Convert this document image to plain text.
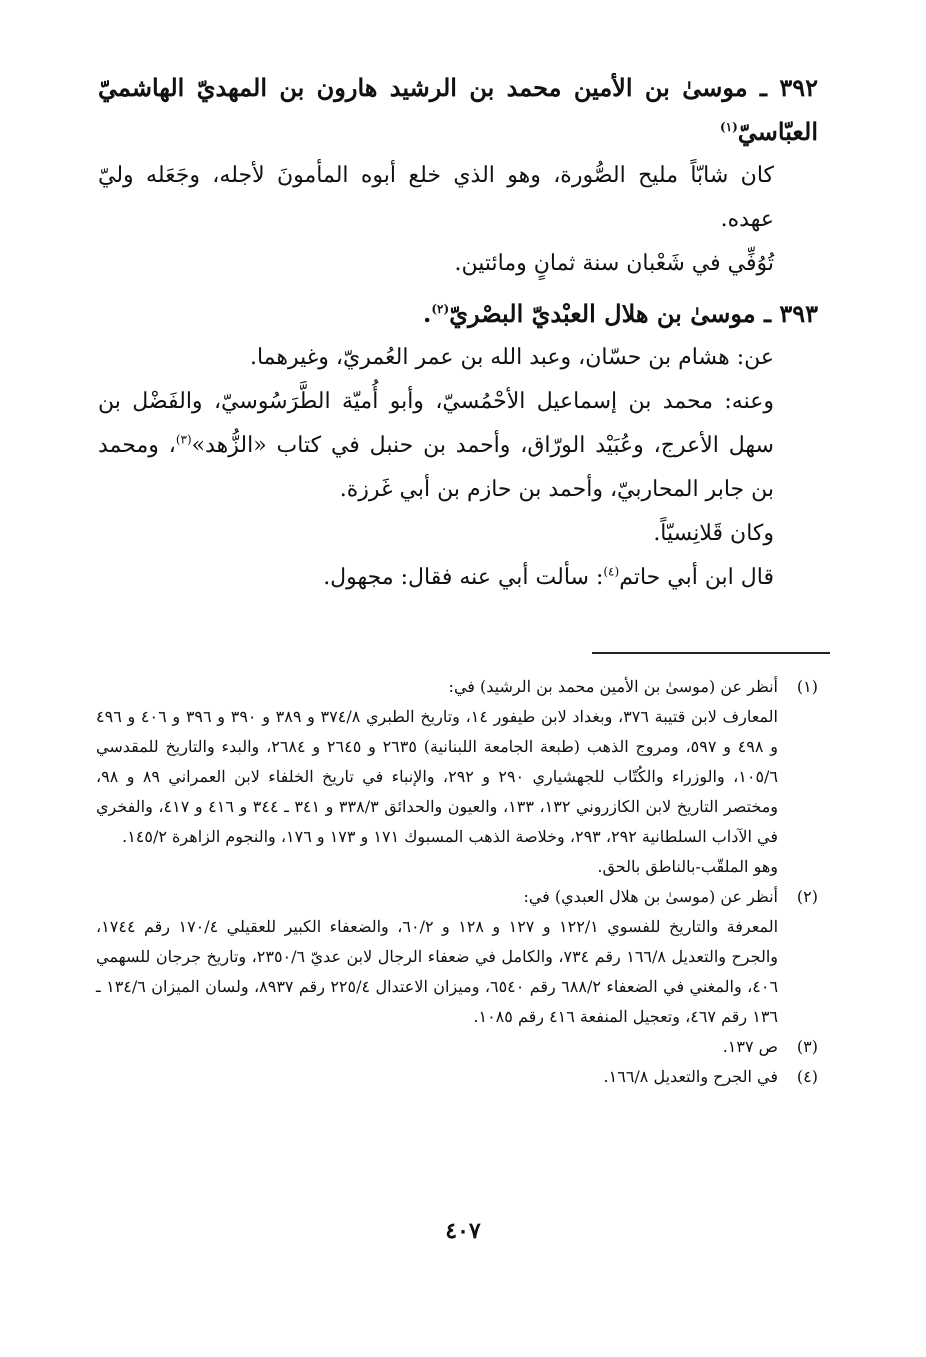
٣٩٢ ـ موسىٰ بن الأمين محمد بن الرشيد هارون بن المهديّ الهاشميّ العبّاسيّ$^{(١)}$

كان شابّاً مليح الصُّورة، وهو الذي خلع أبوه المأمونَ لأجله، وجَعَله وليّ عهده.

تُوُفِّي في شَعْبان سنة ثمانٍ ومائتين.

٣٩٣ ـ موسىٰ بن هلال العبْديّ البصْريّ$^{(٢)}$.

عن: هشام بن حسّان، وعبد الله بن عمر العُمريّ، وغيرهما.

وعنه: محمد بن إسماعيل الأحْمُسيّ، وأبو أُميّة الطَّرَسُوسيّ، والفَضْل بن سهل الأعرج، وعُبَيْد الورّاق، وأحمد بن حنبل في كتاب «الزُّهد»$^{(٣)}$، ومحمد بن جابر المحاربيّ، وأحمد بن حازم بن أبي غَرزة.

وكان قَلانِسيّاً.

قال ابن أبي حاتم$^{(٤)}$: سألت أبي عنه فقال: مجهول.

(١)
أنظر عن (موسىٰ بن الأمين محمد بن الرشيد) في:
المعارف لابن قتيبة ٣٧٦، وبغداد لابن طيفور ١٤، وتاريخ الطبري ٣٧٤/٨ و ٣٨٩ و ٣٩٠ و ٣٩٦ و ٤٠٦ و ٤٩٦ و ٤٩٨ و ٥٩٧، ومروج الذهب (طبعة الجامعة اللبنانية) ٢٦٣٥ و ٢٦٤٥ و ٢٦٨٤، والبدء والتاريخ للمقدسي ١٠٥/٦، والوزراء والكُتّاب للجهشياري ٢٩٠ و ٢٩٢، والإنباء في تاريخ الخلفاء لابن العمراني ٨٩ و ٩٨، ومختصر التاريخ لابن الكازروني ١٣٢، ١٣٣، والعيون والحدائق ٣٣٨/٣ و ٣٤١ ـ ٣٤٤ و ٤١٦ و ٤١٧، والفخري في الآداب السلطانية ٢٩٢، ٢٩٣، وخلاصة الذهب المسبوك ١٧١ و ١٧٣ و ١٧٦، والنجوم الزاهرة ١٤٥/٢.
وهو الملقّب-بالناطق بالحق.
(٢)
أنظر عن (موسىٰ بن هلال العبدي) في:
المعرفة والتاريخ للفسوي ١٢٢/١ و ١٢٧ و ١٢٨ و ٦٠/٢، والضعفاء الكبير للعقيلي ١٧٠/٤ رقم ١٧٤٤، والجرح والتعديل ١٦٦/٨ رقم ٧٣٤، والكامل في ضعفاء الرجال لابن عديّ ٢٣٥٠/٦، وتاريخ جرجان للسهمي ٤٠٦، والمغني في الضعفاء ٦٨٨/٢ رقم ٦٥٤٠، وميزان الاعتدال ٢٢٥/٤ رقم ٨٩٣٧، ولسان الميزان ١٣٤/٦ ـ ١٣٦ رقم ٤٦٧، وتعجيل المنفعة ٤١٦ رقم ١٠٨٥.
(٣)
ص ١٣٧.
(٤)
في الجرح والتعديل ١٦٦/٨.
٤٠٧
